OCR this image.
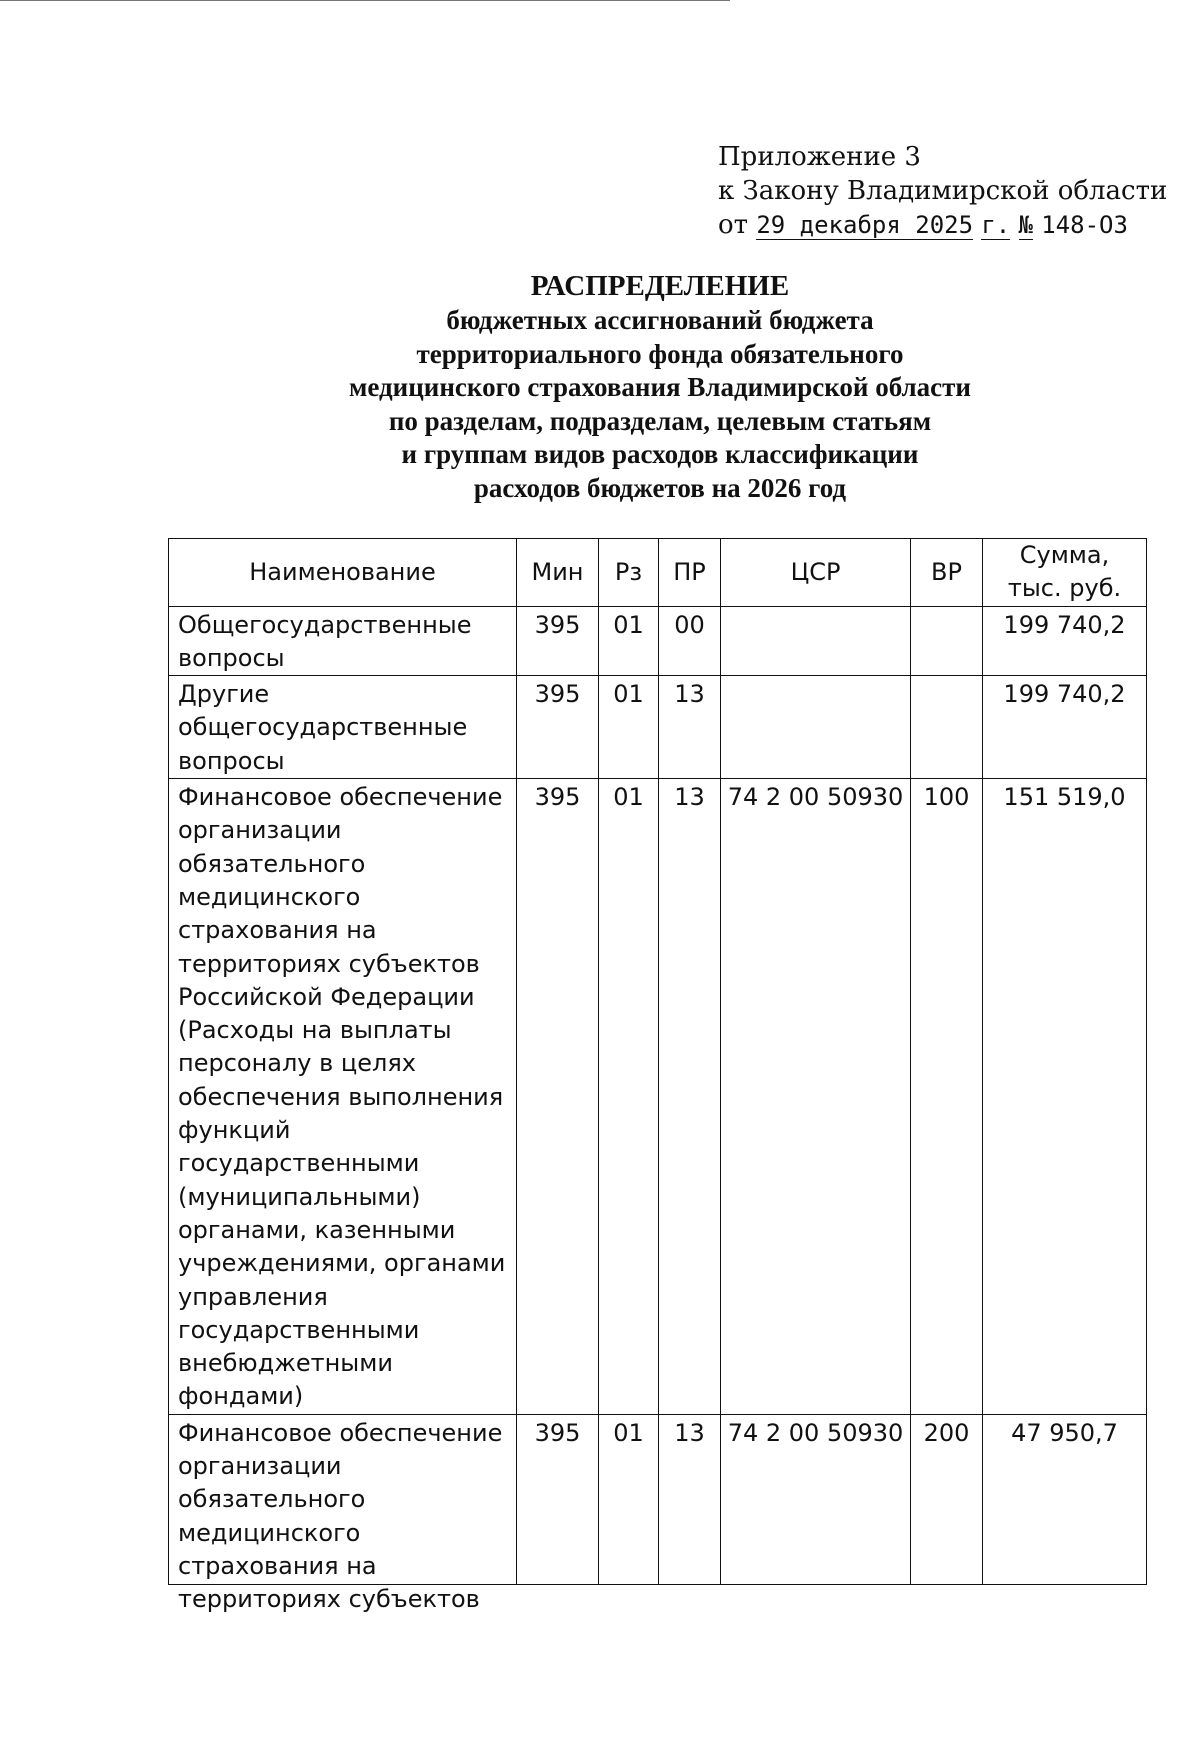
Приложение 3
к Закону Владимирской области
от 29 декабря 2025 г. № 148-ОЗ
РАСПРЕДЕЛЕНИЕ
бюджетных ассигнований бюджета
территориального фонда обязательного
медицинского страхования Владимирской области
по разделам, подразделам, целевым статьям
и группам видов расходов классификации
расходов бюджетов на 2026 год
Наименование	Мин	Рз	ПР	ЦСР	ВР	Сумма,
тыс. руб.

Общегосударственные вопросы	395	01	00			199 740,2
Другие общегосударственные вопросы	395	01	13			199 740,2
Финансовое обеспечение организации обязательного медицинского страхования на территориях субъектов Российской Федерации (Расходы на выплаты персоналу в целях обеспечения выполнения функций государственными (муниципальными) органами, казенными учреждениями, органами управления государственными внебюджетными фондами)	395	01	13	74 2 00 50930	100	151 519,0

Финансовое обеспечение организации обязательного медицинского страхования на территориях субъектов	395	01	13	74 2 00 50930	200	47 950,7
